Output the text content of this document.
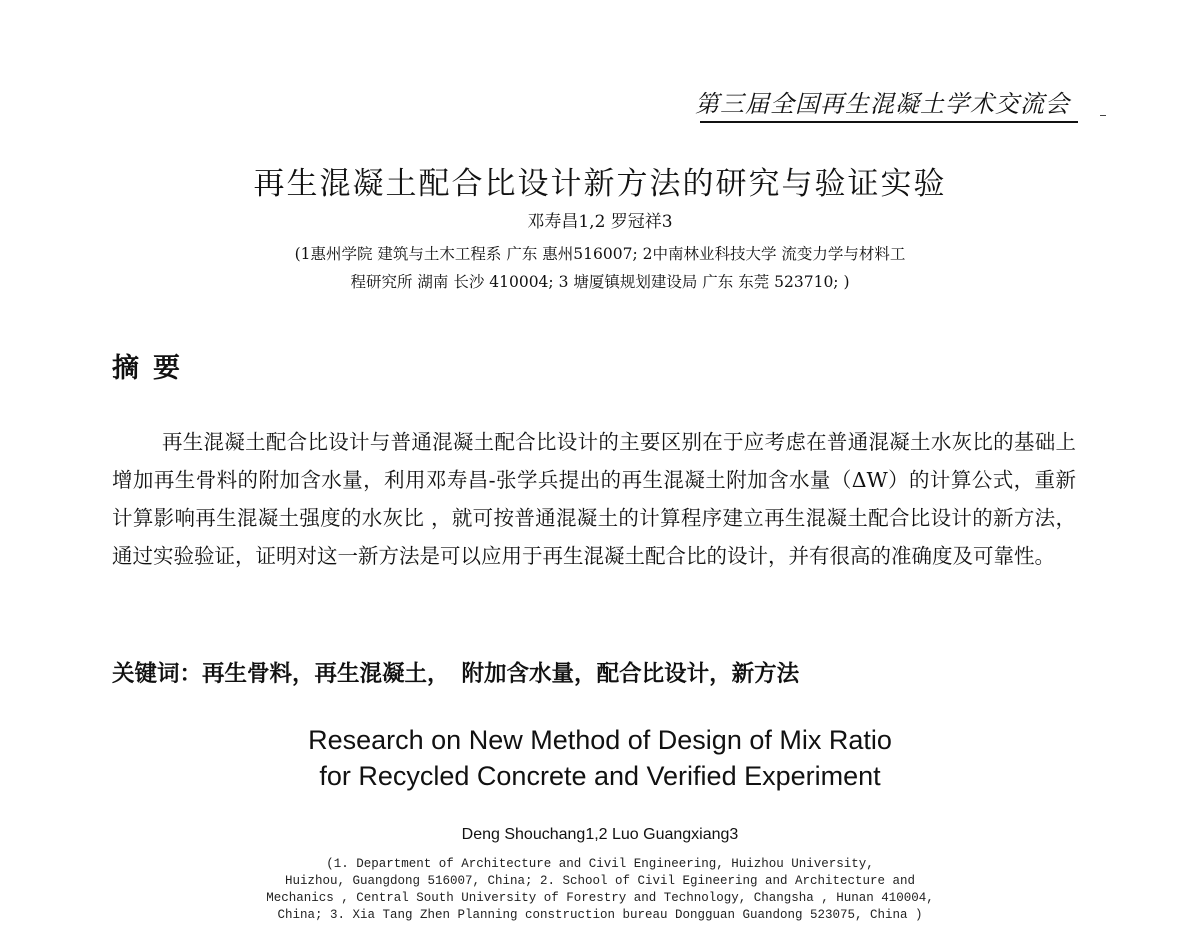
第三届全国再生混凝土学术交流会
再生混凝土配合比设计新方法的研究与验证实验
邓寿昌1,2 罗冠祥3
(1惠州学院 建筑与土木工程系 广东 惠州516007; 2中南林业科技大学 流变力学与材料工
程研究所 湖南 长沙 410004; 3 塘厦镇规划建设局 广东 东莞 523710; )
摘要
再生混凝土配合比设计与普通混凝土配合比设计的主要区别在于应考虑在普通混凝土水灰比的基础上增加再生骨料的附加含水量，利用邓寿昌-张学兵提出的再生混凝土附加含水量（ΔW）的计算公式，重新计算影响再生混凝土强度的水灰比 ，就可按普通混凝土的计算程序建立再生混凝土配合比设计的新方法，通过实验验证，证明对这一新方法是可以应用于再生混凝土配合比的设计，并有很高的准确度及可靠性。
关键词：再生骨料，再生混凝土， 附加含水量，配合比设计，新方法
Research on New Method of Design of Mix Ratio
for Recycled Concrete and Verified Experiment
Deng Shouchang1,2 Luo Guangxiang3
(1. Department of Architecture and Civil Engineering, Huizhou University,
Huizhou, Guangdong 516007, China; 2. School of Civil Egineering and Architecture and
Mechanics , Central South University of Forestry and Technology, Changsha , Hunan 410004,
China; 3. Xia Tang Zhen Planning construction bureau Dongguan Guandong 523075, China )
